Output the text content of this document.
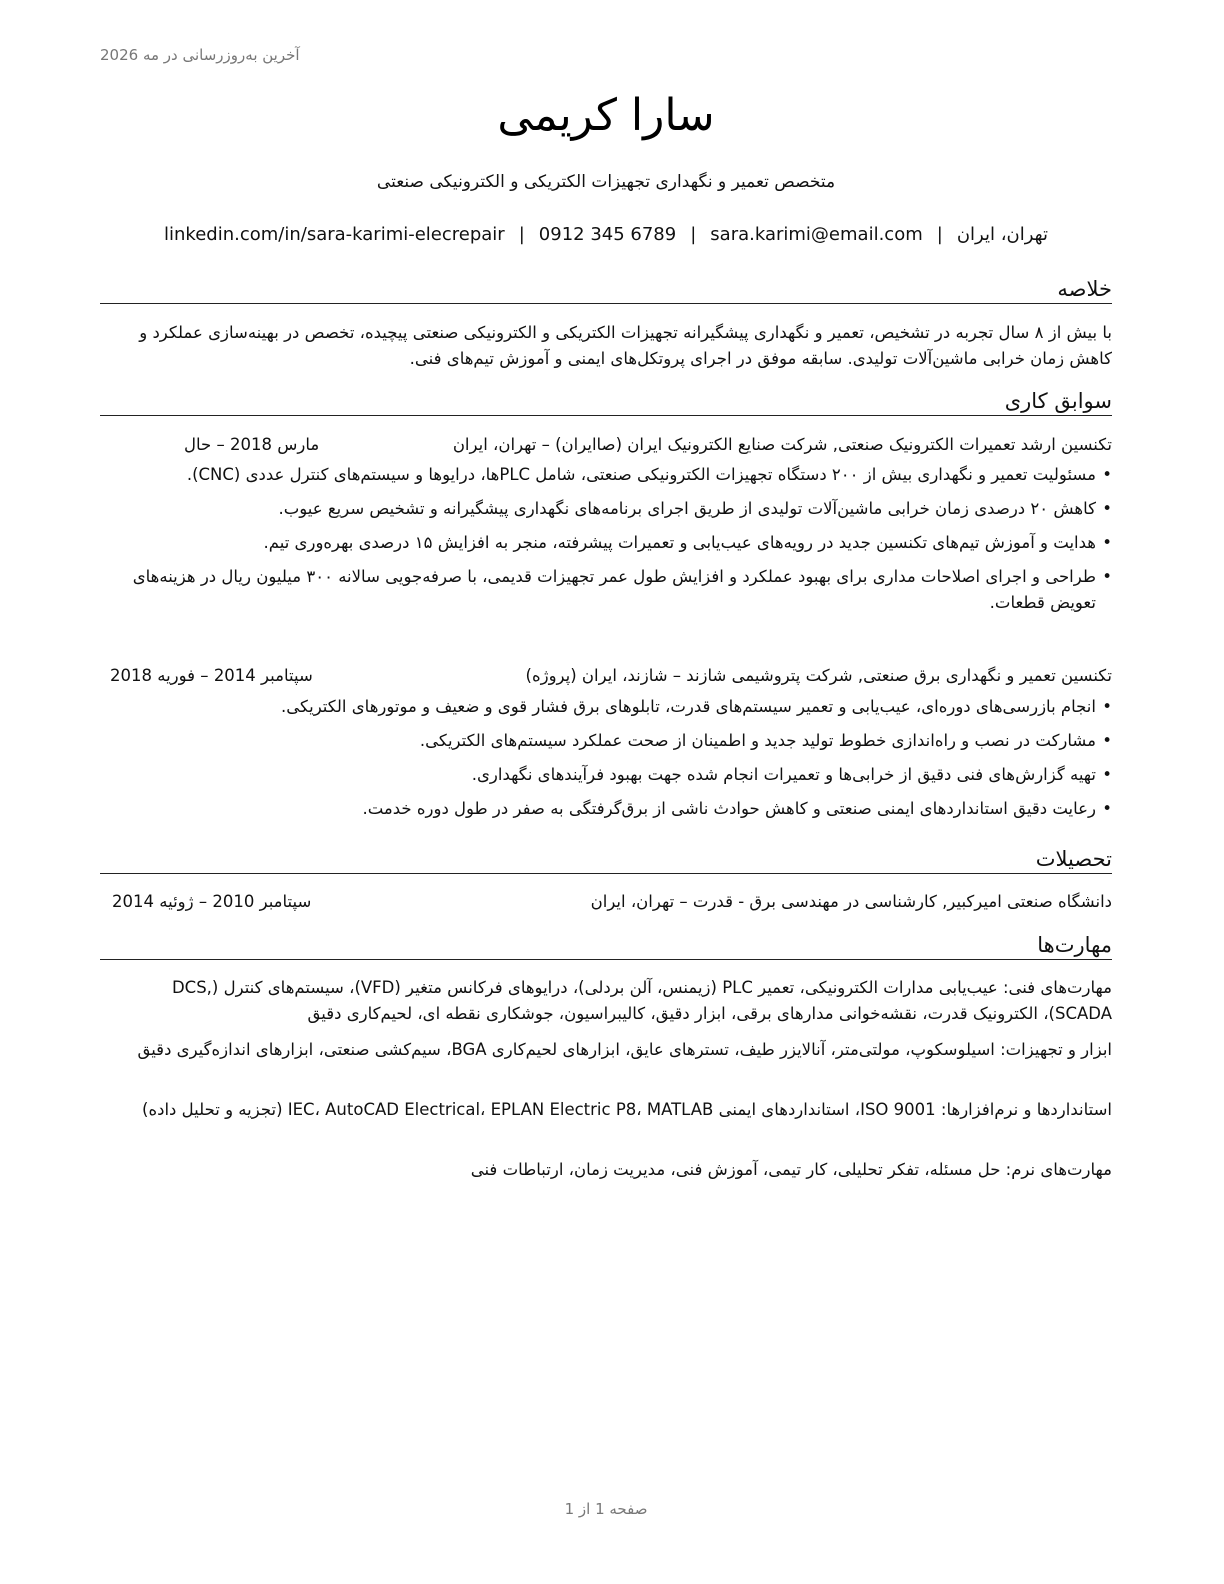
آخرین به‌روزرسانی در مه 2026
سارا کریمی
متخصص تعمیر و نگهداری تجهیزات الکتریکی و الکترونیکی صنعتی
تهران، ایران|sara.karimi@email.com|0912 345 6789|linkedin.com/in/sara-karimi-elecrepair
خلاصه
با بیش از ۸ سال تجربه در تشخیص، تعمیر و نگهداری پیشگیرانه تجهیزات الکتریکی و الکترونیکی صنعتی پیچیده، تخصص در بهینه‌سازی عملکرد و کاهش زمان خرابی ماشین‌آلات تولیدی. سابقه موفق در اجرای پروتکل‌های ایمنی و آموزش تیم‌های فنی.
سوابق کاری
تکنسین ارشد تعمیرات الکترونیک صنعتی, شرکت صنایع الکترونیک ایران (صاایران) – تهران، ایران
مارس 2018 – حال
• مسئولیت تعمیر و نگهداری بیش از ۲۰۰ دستگاه تجهیزات الکترونیکی صنعتی، شامل PLCها، درایوها و سیستم‌های کنترل عددی (CNC).
• کاهش ۲۰ درصدی زمان خرابی ماشین‌آلات تولیدی از طریق اجرای برنامه‌های نگهداری پیشگیرانه و تشخیص سریع عیوب.
• هدایت و آموزش تیم‌های تکنسین جدید در رویه‌های عیب‌یابی و تعمیرات پیشرفته، منجر به افزایش ۱۵ درصدی بهره‌وری تیم.
• طراحی و اجرای اصلاحات مداری برای بهبود عملکرد و افزایش طول عمر تجهیزات قدیمی، با صرفه‌جویی سالانه ۳۰۰ میلیون ریال در هزینه‌های تعویض قطعات.
تکنسین تعمیر و نگهداری برق صنعتی, شرکت پتروشیمی شازند – شازند، ایران (پروژه)
سپتامبر 2014 – فوریه 2018
• انجام بازرسی‌های دوره‌ای، عیب‌یابی و تعمیر سیستم‌های قدرت، تابلوهای برق فشار قوی و ضعیف و موتورهای الکتریکی.
• مشارکت در نصب و راه‌اندازی خطوط تولید جدید و اطمینان از صحت عملکرد سیستم‌های الکتریکی.
• تهیه گزارش‌های فنی دقیق از خرابی‌ها و تعمیرات انجام شده جهت بهبود فرآیندهای نگهداری.
• رعایت دقیق استانداردهای ایمنی صنعتی و کاهش حوادث ناشی از برق‌گرفتگی به صفر در طول دوره خدمت.
تحصیلات
دانشگاه صنعتی امیرکبیر, کارشناسی در مهندسی برق - قدرت – تهران، ایران
سپتامبر 2010 – ژوئیه 2014
مهارت‌ها
مهارت‌های فنی: عیب‌یابی مدارات الکترونیکی، تعمیر PLC (زیمنس، آلن بردلی)، درایوهای فرکانس متغیر (VFD)، سیستم‌های کنترل (DCS, SCADA)، الکترونیک قدرت، نقشه‌خوانی مدارهای برقی، ابزار دقیق، کالیبراسیون، جوشکاری نقطه ای، لحیم‌کاری دقیق
ابزار و تجهیزات: اسیلوسکوپ، مولتی‌متر، آنالایزر طیف، تسترهای عایق، ابزارهای لحیم‌کاری BGA، سیم‌کشی صنعتی، ابزارهای اندازه‌گیری دقیق
استانداردها و نرم‌افزارها: ISO 9001، استانداردهای ایمنی IEC، AutoCAD Electrical، EPLAN Electric P8، MATLAB (تجزیه و تحلیل داده)
مهارت‌های نرم: حل مسئله، تفکر تحلیلی، کار تیمی، آموزش فنی، مدیریت زمان، ارتباطات فنی
صفحه 1 از 1
